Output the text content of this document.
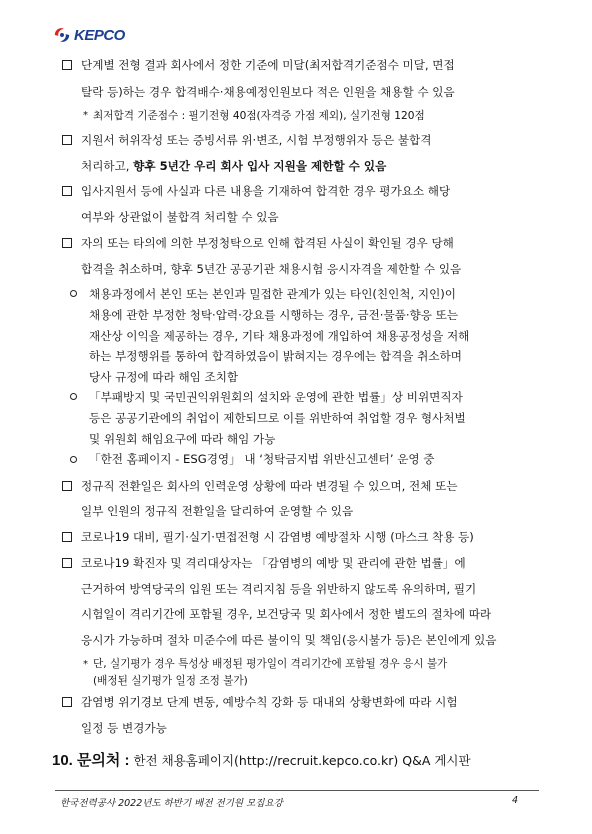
KEPCO
단계별 전형 결과 회사에서 정한 기준에 미달(최저합격기준점수 미달, 면접
탈락 등)하는 경우 합격배수·채용예정인원보다 적은 인원을 채용할 수 있음
* 최저합격 기준점수 : 필기전형 40점(자격증 가점 제외), 실기전형 120점
지원서 허위작성 또는 증빙서류 위·변조, 시험 부정행위자 등은 불합격
처리하고, 향후 5년간 우리 회사 입사 지원을 제한할 수 있음
입사지원서 등에 사실과 다른 내용을 기재하여 합격한 경우 평가요소 해당
여부와 상관없이 불합격 처리할 수 있음
자의 또는 타의에 의한 부정청탁으로 인해 합격된 사실이 확인될 경우 당해
합격을 취소하며, 향후 5년간 공공기관 채용시험 응시자격을 제한할 수 있음
채용과정에서 본인 또는 본인과 밀접한 관계가 있는 타인(친인척, 지인)이
채용에 관한 부정한 청탁·압력·강요를 시행하는 경우, 금전·물품·향응 또는
재산상 이익을 제공하는 경우, 기타 채용과정에 개입하여 채용공정성을 저해
하는 부정행위를 통하여 합격하였음이 밝혀지는 경우에는 합격을 취소하며
당사 규정에 따라 해임 조치함
「부패방지 및 국민권익위원회의 설치와 운영에 관한 법률」상 비위면직자
등은 공공기관에의 취업이 제한되므로 이를 위반하여 취업할 경우 형사처벌
및 위원회 해임요구에 따라 해임 가능
「한전 홈페이지 - ESG경영」 내 ‘청탁금지법 위반신고센터’ 운영 중
정규직 전환일은 회사의 인력운영 상황에 따라 변경될 수 있으며, 전체 또는
일부 인원의 정규직 전환일을 달리하여 운영할 수 있음
코로나19 대비, 필기·실기·면접전형 시 감염병 예방절차 시행 (마스크 착용 등)
코로나19 확진자 및 격리대상자는 「감염병의 예방 및 관리에 관한 법률」에
근거하여 방역당국의 입원 또는 격리지침 등을 위반하지 않도록 유의하며, 필기
시험일이 격리기간에 포함될 경우, 보건당국 및 회사에서 정한 별도의 절차에 따라
응시가 가능하며 절차 미준수에 따른 불이익 및 책임(응시불가 등)은 본인에게 있음
* 단, 실기평가 경우 특성상 배정된 평가일이 격리기간에 포함될 경우 응시 불가
(배정된 실기평가 일정 조정 불가)
감염병 위기경보 단계 변동, 예방수칙 강화 등 대내외 상황변화에 따라 시험
일정 등 변경가능
10. 문의처 : 한전 채용홈페이지(http://recruit.kepco.co.kr) Q&A 게시판
한국전력공사 2022년도 하반기 배전 전기원 모집요강	4
